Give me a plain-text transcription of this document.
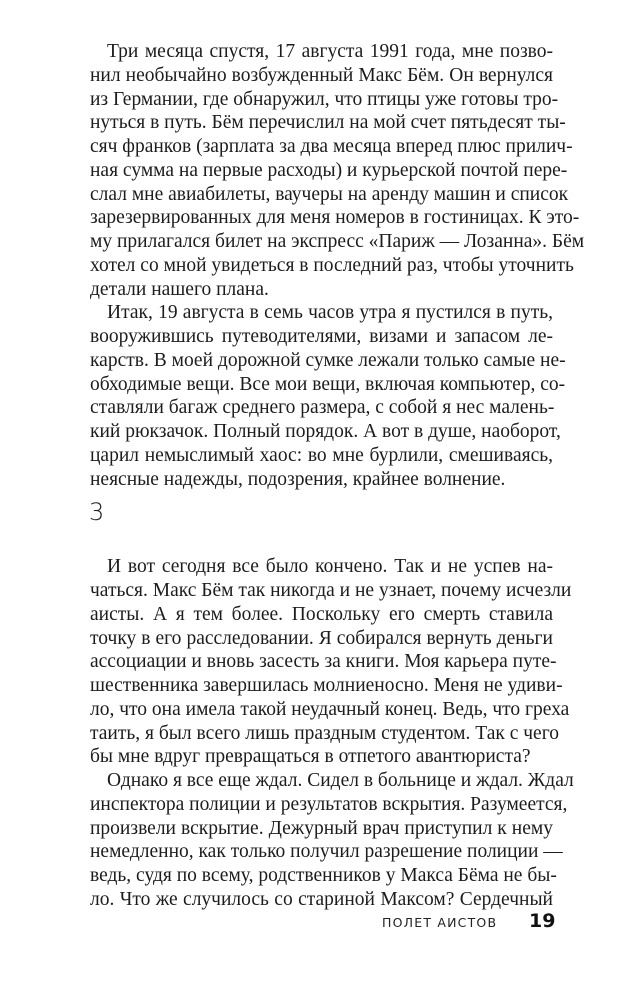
Три месяца спустя, 17 августа 1991 года, мне позво-
нил необычайно возбужденный Макс Бём. Он вернулся
из Германии, где обнаружил, что птицы уже готовы тро-
нуться в путь. Бём перечислил на мой счет пятьдесят ты-
сяч франков (зарплата за два месяца вперед плюс прилич-
ная сумма на первые расходы) и курьерской почтой пере-
слал мне авиабилеты, ваучеры на аренду машин и список
зарезервированных для меня номеров в гостиницах. К это-
му прилагался билет на экспресс «Париж — Лозанна». Бём
хотел со мной увидеться в последний раз, чтобы уточнить
детали нашего плана.
Итак, 19 августа в семь часов утра я пустился в путь,
вооружившись путеводителями, визами и запасом ле-
карств. В моей дорожной сумке лежали только самые не-
обходимые вещи. Все мои вещи, включая компьютер, со-
ставляли багаж среднего размера, с собой я нес малень-
кий рюкзачок. Полный порядок. А вот в душе, наоборот,
царил немыслимый хаос: во мне бурлили, смешиваясь,
неясные надежды, подозрения, крайнее волнение.
3
И вот сегодня все было кончено. Так и не успев на-
чаться. Макс Бём так никогда и не узнает, почему исчезли
аисты. А я тем более. Поскольку его смерть ставила
точку в его расследовании. Я собирался вернуть деньги
ассоциации и вновь засесть за книги. Моя карьера путе-
шественника завершилась молниеносно. Меня не удиви-
ло, что она имела такой неудачный конец. Ведь, что греха
таить, я был всего лишь праздным студентом. Так с чего
бы мне вдруг превращаться в отпетого авантюриста?
Однако я все еще ждал. Сидел в больнице и ждал. Ждал
инспектора полиции и результатов вскрытия. Разумеется,
произвели вскрытие. Дежурный врач приступил к нему
немедленно, как только получил разрешение полиции —
ведь, судя по всему, родственников у Макса Бёма не бы-
ло. Что же случилось со стариной Максом? Сердечный
ПОЛЕТ АИСТОВ 19
